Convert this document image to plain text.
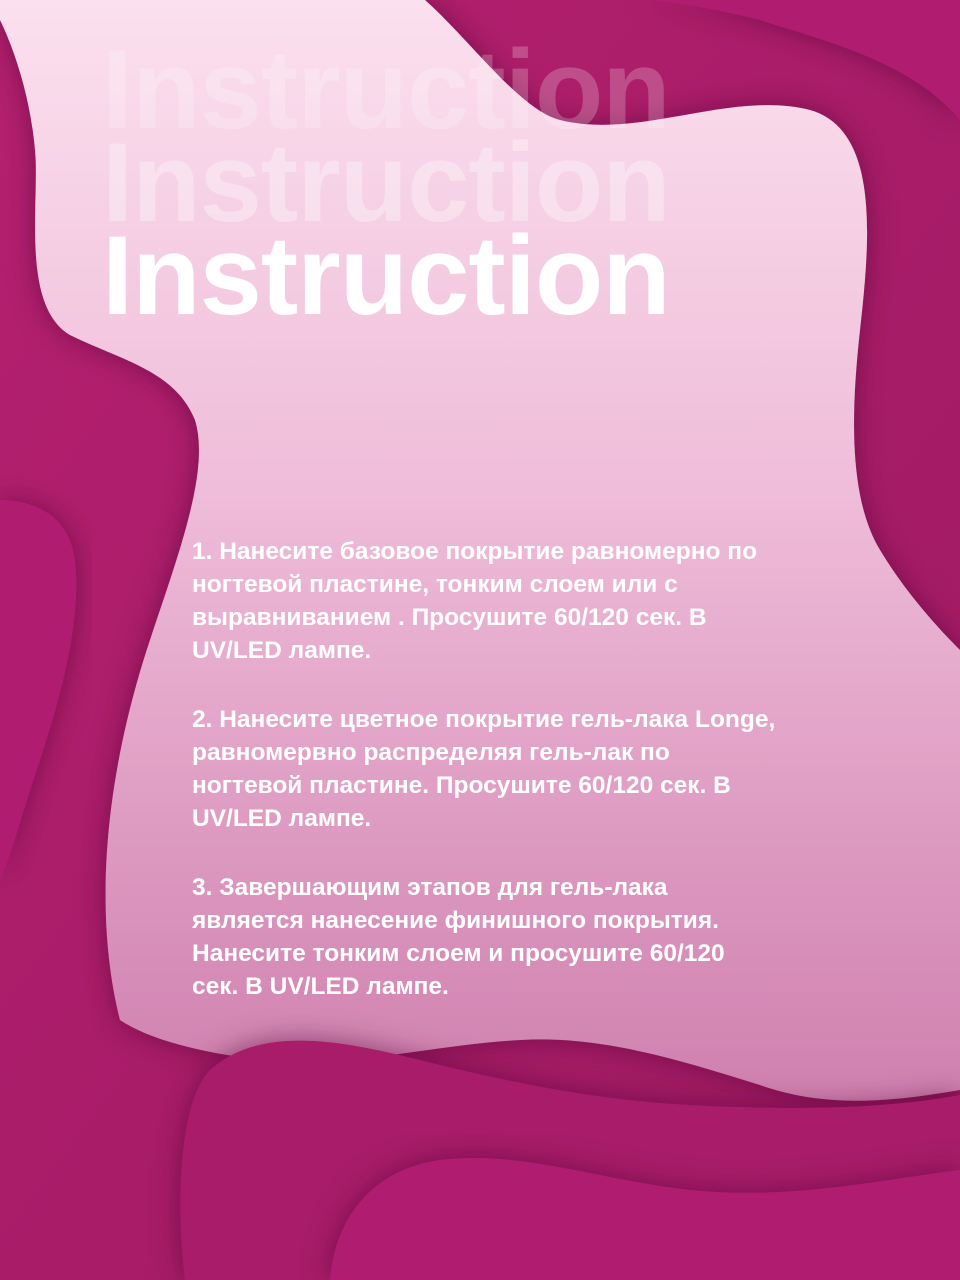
Instruction
Instruction
Instruction

1. Нанесите базовое покрытие равномерно по

ногтевой пластине, тонким слоем или с

выравниванием . Просушите 60/120 сек. В

UV/LED лампе.

2. Нанесите цветное покрытие гель-лака Longe,

равномервно распределяя гель-лак по

ногтевой пластине. Просушите 60/120 сек. В

UV/LED лампе.

3. Завершающим этапов для гель-лака

является нанесение финишного покрытия.

Нанесите тонким слоем и просушите 60/120

сек. В UV/LED лампе.
